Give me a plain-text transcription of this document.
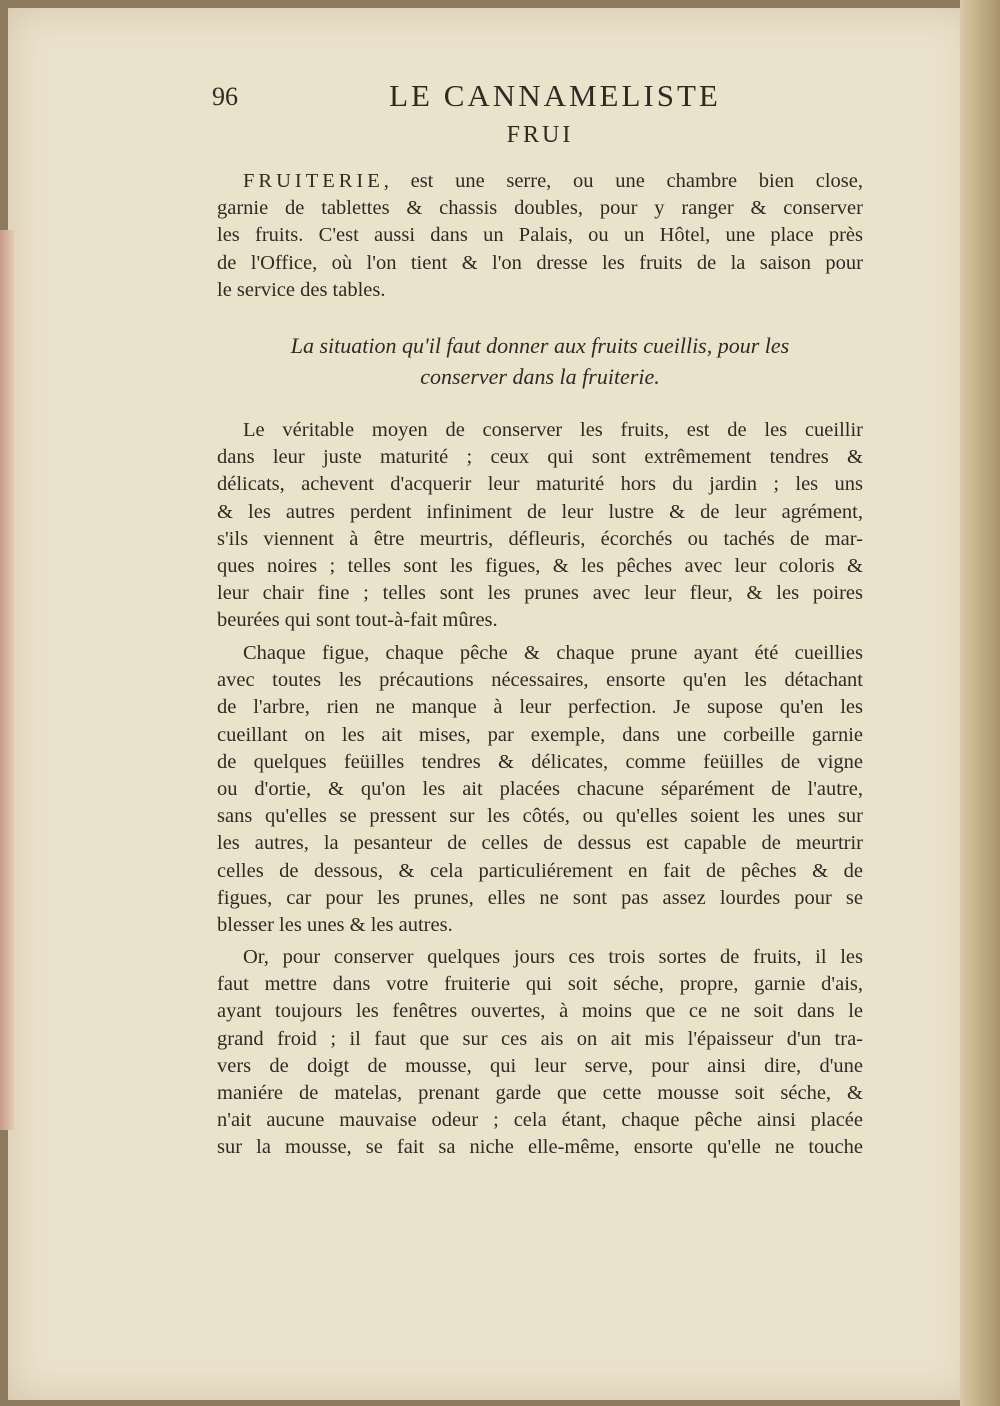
96	LE CANNAMELISTE
FRUI
FRUITERIE, est une serre, ou une chambre bien close,
garnie de tablettes & chassis doubles, pour y ranger & conserver
les fruits. C'est aussi dans un Palais, ou un Hôtel, une place près
de l'Office, où l'on tient & l'on dresse les fruits de la saison pour
le service des tables.
La situation qu'il faut donner aux fruits cueillis, pour les
conserver dans la fruiterie.
Le véritable moyen de conserver les fruits, est de les cueillir
dans leur juste maturité ; ceux qui sont extrêmement tendres &
délicats, achevent d'acquerir leur maturité hors du jardin ; les uns
& les autres perdent infiniment de leur lustre & de leur agrément,
s'ils viennent à être meurtris, défleuris, écorchés ou tachés de mar-
ques noires ; telles sont les figues, & les pêches avec leur coloris &
leur chair fine ; telles sont les prunes avec leur fleur, & les poires
beurées qui sont tout-à-fait mûres.
Chaque figue, chaque pêche & chaque prune ayant été cueillies
avec toutes les précautions nécessaires, ensorte qu'en les détachant
de l'arbre, rien ne manque à leur perfection. Je supose qu'en les
cueillant on les ait mises, par exemple, dans une corbeille garnie
de quelques feüilles tendres & délicates, comme feüilles de vigne
ou d'ortie, & qu'on les ait placées chacune séparément de l'autre,
sans qu'elles se pressent sur les côtés, ou qu'elles soient les unes sur
les autres, la pesanteur de celles de dessus est capable de meurtrir
celles de dessous, & cela particuliérement en fait de pêches & de
figues, car pour les prunes, elles ne sont pas assez lourdes pour se
blesser les unes & les autres.
Or, pour conserver quelques jours ces trois sortes de fruits, il les
faut mettre dans votre fruiterie qui soit séche, propre, garnie d'ais,
ayant toujours les fenêtres ouvertes, à moins que ce ne soit dans le
grand froid ; il faut que sur ces ais on ait mis l'épaisseur d'un tra-
vers de doigt de mousse, qui leur serve, pour ainsi dire, d'une
maniére de matelas, prenant garde que cette mousse soit séche, &
n'ait aucune mauvaise odeur ; cela étant, chaque pêche ainsi placée
sur la mousse, se fait sa niche elle-même, ensorte qu'elle ne touche
